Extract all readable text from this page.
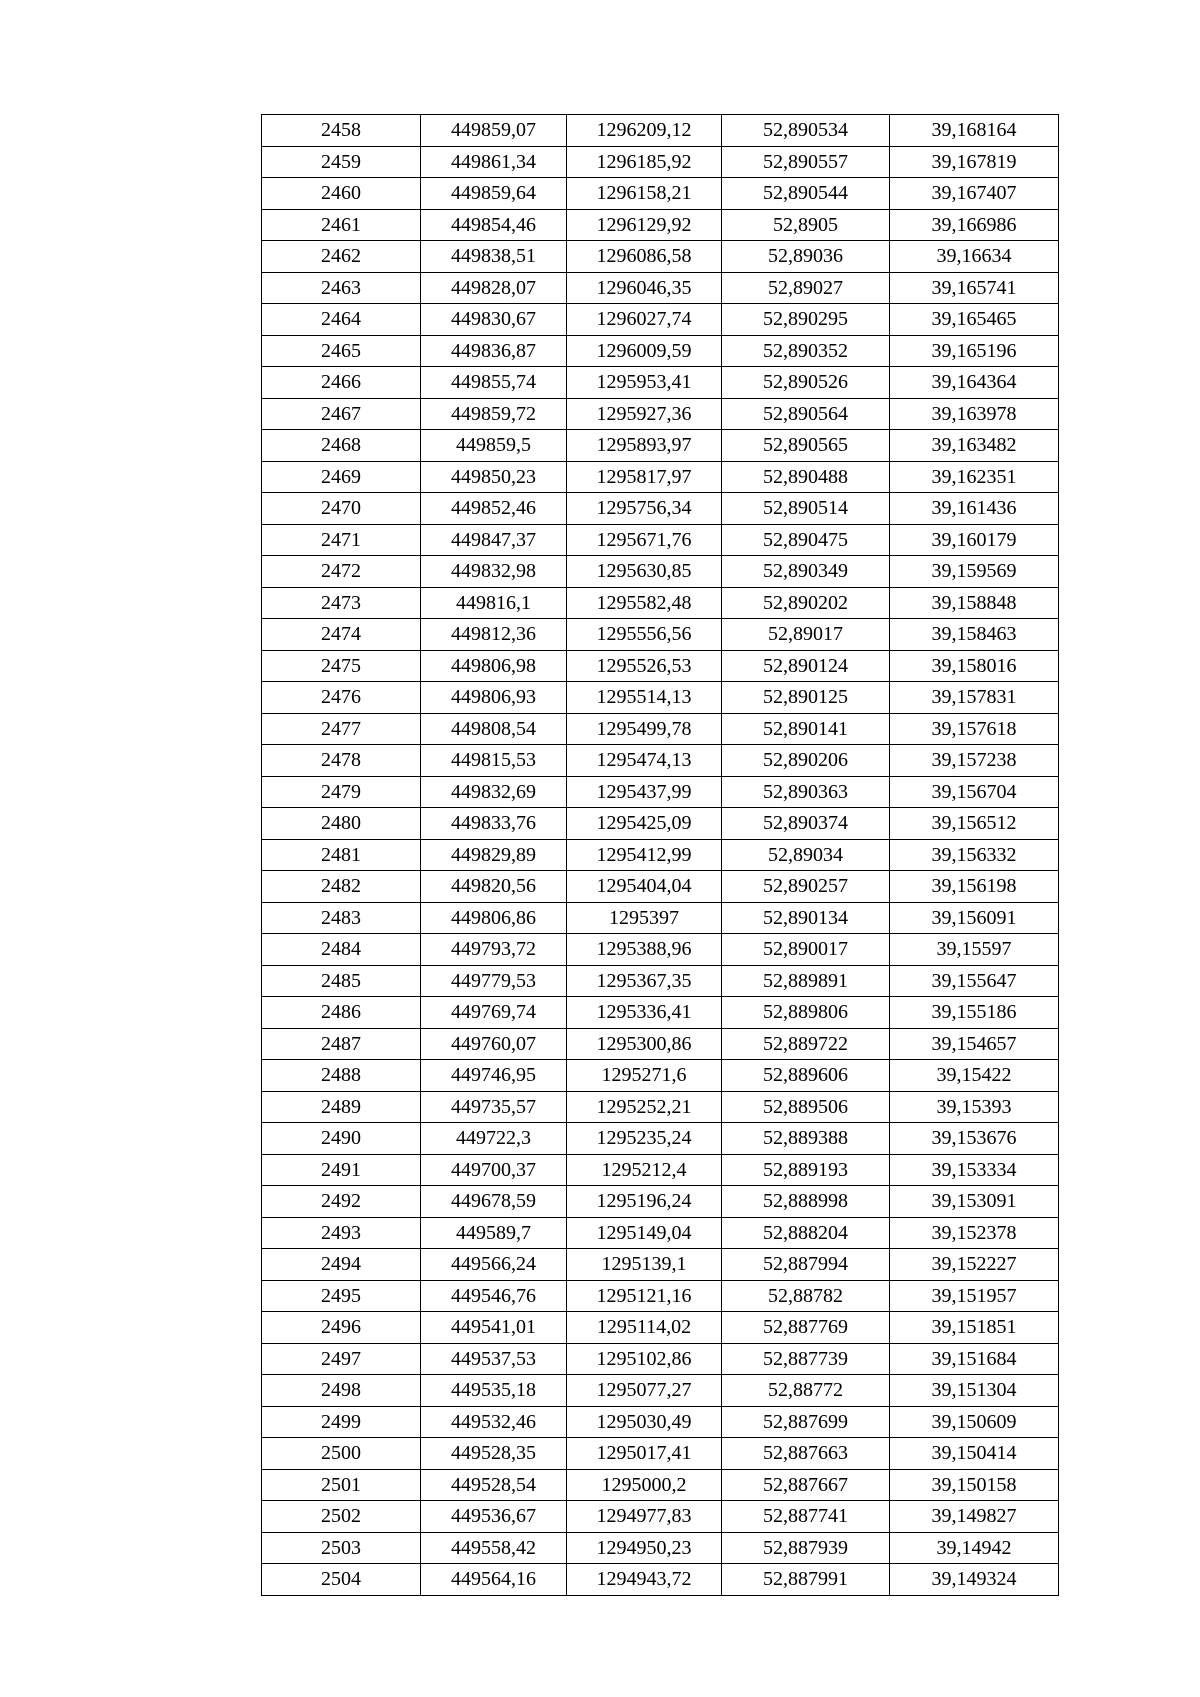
2458	449859,07	1296209,12	52,890534	39,168164
2459	449861,34	1296185,92	52,890557	39,167819
2460	449859,64	1296158,21	52,890544	39,167407
2461	449854,46	1296129,92	52,8905	39,166986
2462	449838,51	1296086,58	52,89036	39,16634
2463	449828,07	1296046,35	52,89027	39,165741
2464	449830,67	1296027,74	52,890295	39,165465
2465	449836,87	1296009,59	52,890352	39,165196
2466	449855,74	1295953,41	52,890526	39,164364
2467	449859,72	1295927,36	52,890564	39,163978
2468	449859,5	1295893,97	52,890565	39,163482
2469	449850,23	1295817,97	52,890488	39,162351
2470	449852,46	1295756,34	52,890514	39,161436
2471	449847,37	1295671,76	52,890475	39,160179
2472	449832,98	1295630,85	52,890349	39,159569
2473	449816,1	1295582,48	52,890202	39,158848
2474	449812,36	1295556,56	52,89017	39,158463
2475	449806,98	1295526,53	52,890124	39,158016
2476	449806,93	1295514,13	52,890125	39,157831
2477	449808,54	1295499,78	52,890141	39,157618
2478	449815,53	1295474,13	52,890206	39,157238
2479	449832,69	1295437,99	52,890363	39,156704
2480	449833,76	1295425,09	52,890374	39,156512
2481	449829,89	1295412,99	52,89034	39,156332
2482	449820,56	1295404,04	52,890257	39,156198
2483	449806,86	1295397	52,890134	39,156091
2484	449793,72	1295388,96	52,890017	39,15597
2485	449779,53	1295367,35	52,889891	39,155647
2486	449769,74	1295336,41	52,889806	39,155186
2487	449760,07	1295300,86	52,889722	39,154657
2488	449746,95	1295271,6	52,889606	39,15422
2489	449735,57	1295252,21	52,889506	39,15393
2490	449722,3	1295235,24	52,889388	39,153676
2491	449700,37	1295212,4	52,889193	39,153334
2492	449678,59	1295196,24	52,888998	39,153091
2493	449589,7	1295149,04	52,888204	39,152378
2494	449566,24	1295139,1	52,887994	39,152227
2495	449546,76	1295121,16	52,88782	39,151957
2496	449541,01	1295114,02	52,887769	39,151851
2497	449537,53	1295102,86	52,887739	39,151684
2498	449535,18	1295077,27	52,88772	39,151304
2499	449532,46	1295030,49	52,887699	39,150609
2500	449528,35	1295017,41	52,887663	39,150414
2501	449528,54	1295000,2	52,887667	39,150158
2502	449536,67	1294977,83	52,887741	39,149827
2503	449558,42	1294950,23	52,887939	39,14942
2504	449564,16	1294943,72	52,887991	39,149324
